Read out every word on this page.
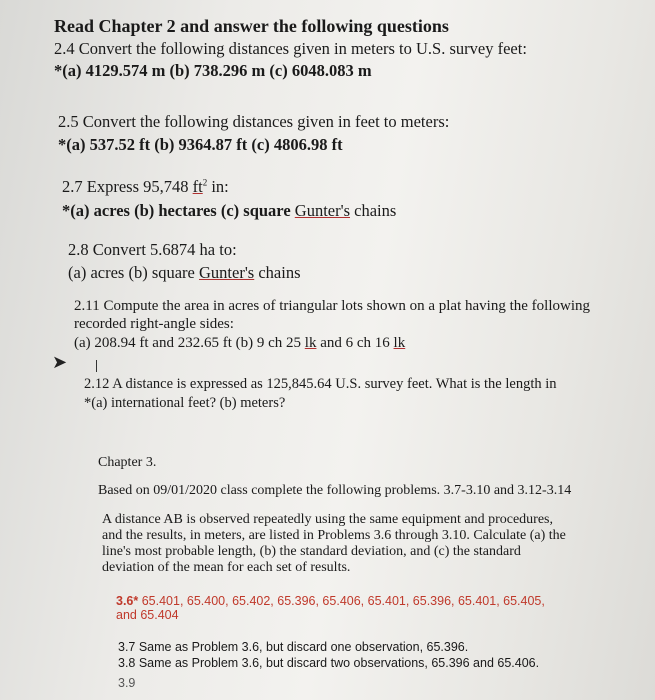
Read Chapter 2 and answer the following questions
2.4 Convert the following distances given in meters to U.S. survey feet:
*(a) 4129.574 m (b) 738.296 m (c) 6048.083 m
2.5 Convert the following distances given in feet to meters:
*(a) 537.52 ft (b) 9364.87 ft (c) 4806.98 ft
2.7 Express 95,748 $ft^2$ in:
*(a) acres (b) hectares (c) square Gunter's chains
2.8 Convert 5.6874 ha to:
(a) acres (b) square Gunter's chains
2.11 Compute the area in acres of triangular lots shown on a plat having the following
recorded right-angle sides:
(a) 208.94 ft and 232.65 ft (b) 9 ch 25 lk and 6 ch 16 lk
➤
2.12 A distance is expressed as 125,845.64 U.S. survey feet. What is the length in
*(a) international feet? (b) meters?
Chapter 3.
Based on 09/01/2020 class complete the following problems. 3.7-3.10 and 3.12-3.14
A distance AB is observed repeatedly using the same equipment and procedures,
and the results, in meters, are listed in Problems 3.6 through 3.10. Calculate (a) the
line's most probable length, (b) the standard deviation, and (c) the standard
deviation of the mean for each set of results.
3.6* 65.401, 65.400, 65.402, 65.396, 65.406, 65.401, 65.396, 65.401, 65.405,
and 65.404
3.7 Same as Problem 3.6, but discard one observation, 65.396.
3.8 Same as Problem 3.6, but discard two observations, 65.396 and 65.406.
3.9
